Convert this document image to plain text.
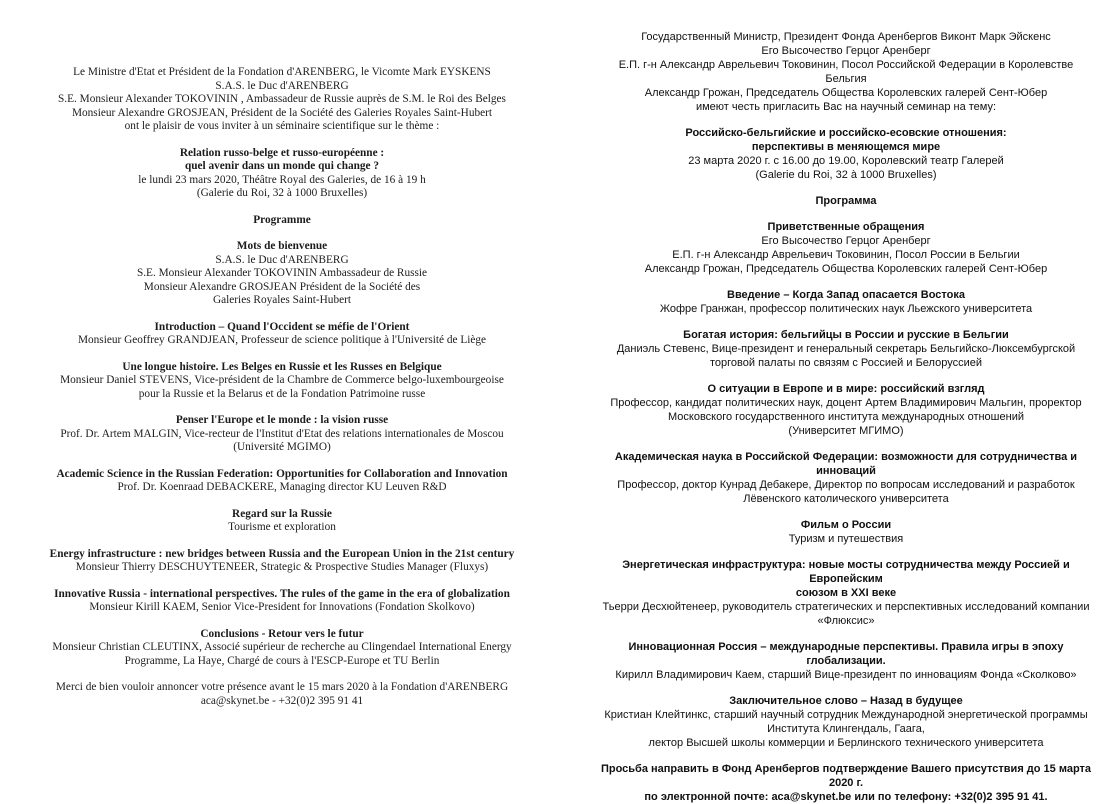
Le Ministre d'Etat et Président de la Fondation d'ARENBERG, le Vicomte Mark EYSKENS
S.A.S. le Duc d'ARENBERG
S.E. Monsieur Alexander TOKOVININ , Ambassadeur de Russie auprès de S.M. le Roi des Belges
Monsieur Alexandre GROSJEAN, Président de la Société des Galeries Royales Saint-Hubert
ont le plaisir de vous inviter à un séminaire scientifique sur le thème :
Relation russo-belge et russo-européenne :
quel avenir dans un monde qui change ?
le lundi 23 mars 2020, Théâtre Royal des Galeries, de 16 à 19 h
(Galerie du Roi, 32 à 1000 Bruxelles)
Programme
Mots de bienvenue
S.A.S. le Duc d'ARENBERG
S.E. Monsieur Alexander TOKOVININ Ambassadeur de Russie
Monsieur Alexandre GROSJEAN Président de la Société des
Galeries Royales Saint-Hubert
Introduction – Quand l'Occident se méfie de l'Orient
Monsieur Geoffrey GRANDJEAN, Professeur de science politique à l'Université de Liège
Une longue histoire. Les Belges en Russie et les Russes en Belgique
Monsieur Daniel STEVENS, Vice-président de la Chambre de Commerce belgo-luxembourgeoise
pour la Russie et la Belarus et de la Fondation Patrimoine russe
Penser l'Europe et le monde : la vision russe
Prof. Dr. Artem MALGIN, Vice-recteur de l'Institut d'Etat des relations internationales de Moscou
(Université MGIMO)
Academic Science in the Russian Federation: Opportunities for Collaboration and Innovation
Prof. Dr. Koenraad DEBACKERE, Managing director KU Leuven R&D
Regard sur la Russie
Tourisme et exploration
Energy infrastructure : new bridges between Russia and the European Union in the 21st century
Monsieur Thierry DESCHUYTENEER, Strategic & Prospective Studies Manager (Fluxys)
Innovative Russia - international perspectives. The rules of the game in the era of globalization
Monsieur Kirill KAEM, Senior Vice-President for Innovations (Fondation Skolkovo)
Conclusions - Retour vers le futur
Monsieur Christian CLEUTINX, Associé supérieur de recherche au Clingendael International Energy
Programme, La Haye, Chargé de cours à l'ESCP-Europe et TU Berlin
Merci de bien vouloir annoncer votre présence avant le 15 mars 2020 à la Fondation d'ARENBERG
aca@skynet.be - +32(0)2 395 91 41
Государственный Министр, Президент Фонда Аренбергов Виконт Марк Эйскенс
Его Высочество Герцог Аренберг
Е.П. г-н Александр Аврельевич Токовинин, Посол Российской Федерации в Королевстве Бельгия
Александр Грожан, Председатель Общества Королевских галерей Сент-Юбер
имеют честь пригласить Вас на научный семинар на тему:
Российско-бельгийские и российско-есовские отношения:
перспективы в меняющемся мире
23 марта 2020 г. с 16.00 до 19.00, Королевский театр Галерей
(Galerie du Roi, 32 à 1000 Bruxelles)
Программа
Приветственные обращения
Его Высочество Герцог Аренберг
Е.П. г-н Александр Аврельевич Токовинин, Посол России в Бельгии
Александр Грожан, Председатель Общества Королевских галерей Сент-Юбер
Введение – Когда Запад опасается Востока
Жофре Гранжан, профессор политических наук Льежского университета
Богатая история: бельгийцы в России и русские в Бельгии
Даниэль Стевенс, Вице-президент и генеральный секретарь Бельгийско-Люксембургской
торговой палаты по связям с Россией и Белоруссией
О ситуации в Европе и в мире: российский взгляд
Профессор, кандидат политических наук, доцент Артем Владимирович Мальгин, проректор
Московского государственного института международных отношений
(Университет МГИМО)
Академическая наука в Российской Федерации: возможности для сотрудничества и
инноваций
Профессор, доктор Кунрад Дебакере, Директор по вопросам исследований и разработок
Лёвенского католического университета
Фильм о России
Туризм и путешествия
Энергетическая инфраструктура: новые мосты сотрудничества между Россией и Европейским
союзом в XXI веке
Тьерри Десхюйтенеер, руководитель стратегических и перспективных исследований компании
«Флюксис»
Инновационная Россия – международные перспективы. Правила игры в эпоху глобализации.
Кирилл Владимирович Каем, старший Вице-президент по инновациям Фонда «Сколково»
Заключительное слово – Назад в будущее
Кристиан Клейтинкс, старший научный сотрудник Международной энергетической программы
Института Клингендаль, Гаага,
лектор Высшей школы коммерции и Берлинского технического университета
Просьба направить в Фонд Аренбергов подтверждение Вашего присутствия до 15 марта 2020 г.
по электронной почте: aca@skynet.be или по телефону: +32(0)2 395 91 41.
